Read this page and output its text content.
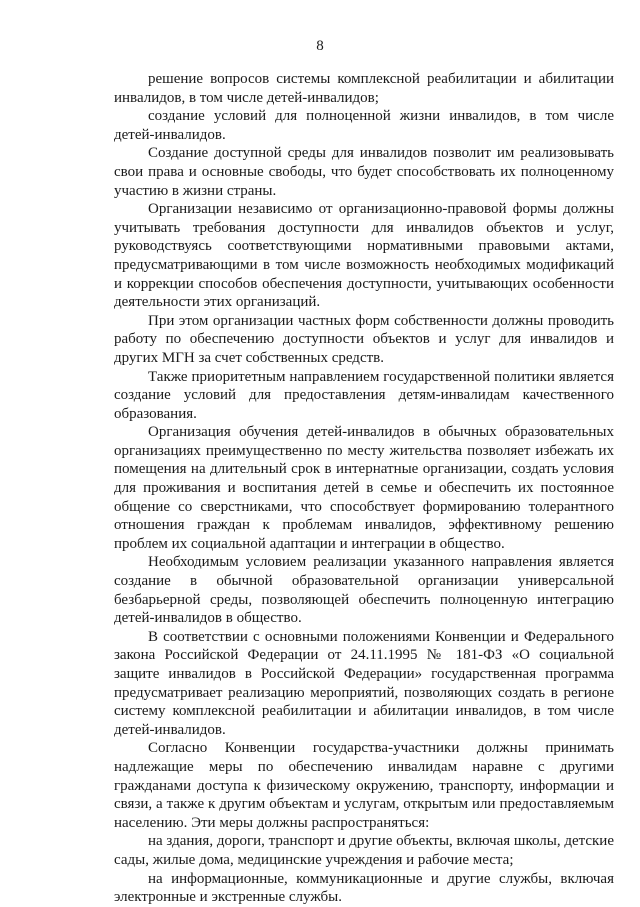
8

решение вопросов системы комплексной реабилитации и абилитации инвалидов, в том числе детей-инвалидов;

создание условий для полноценной жизни инвалидов, в том числе детей-инвалидов.

Создание доступной среды для инвалидов позволит им реализовывать свои права и основные свободы, что будет способствовать их полноценному участию в жизни страны.

Организации независимо от организационно-правовой формы должны учитывать требования доступности для инвалидов объектов и услуг, руководствуясь соответствующими нормативными правовыми актами, предусматривающими в том числе возможность необходимых модификаций и коррекции способов обеспечения доступности, учитывающих особенности деятельности этих организаций.

При этом организации частных форм собственности должны проводить работу по обеспечению доступности объектов и услуг для инвалидов и других МГН за счет собственных средств.

Также приоритетным направлением государственной политики является создание условий для предоставления детям-инвалидам качественного образования.

Организация обучения детей-инвалидов в обычных образовательных организациях преимущественно по месту жительства позволяет избежать их помещения на длительный срок в интернатные организации, создать условия для проживания и воспитания детей в семье и обеспечить их постоянное общение со сверстниками, что способствует формированию толерантного отношения граждан к проблемам инвалидов, эффективному решению проблем их социальной адаптации и интеграции в общество.

Необходимым условием реализации указанного направления является создание в обычной образовательной организации универсальной безбарьерной среды, позволяющей обеспечить полноценную интеграцию детей-инвалидов в общество.

В соответствии с основными положениями Конвенции и Федерального закона Российской Федерации от 24.11.1995 № 181-ФЗ «О социальной защите инвалидов в Российской Федерации» государственная программа предусматривает реализацию мероприятий, позволяющих создать в регионе систему комплексной реабилитации и абилитации инвалидов, в том числе детей-инвалидов.

Согласно Конвенции государства-участники должны принимать надлежащие меры по обеспечению инвалидам наравне с другими гражданами доступа к физическому окружению, транспорту, информации и связи, а также к другим объектам и услугам, открытым или предоставляемым населению. Эти меры должны распространяться:

на здания, дороги, транспорт и другие объекты, включая школы, детские сады, жилые дома, медицинские учреждения и рабочие места;

на информационные, коммуникационные и другие службы, включая электронные и экстренные службы.
